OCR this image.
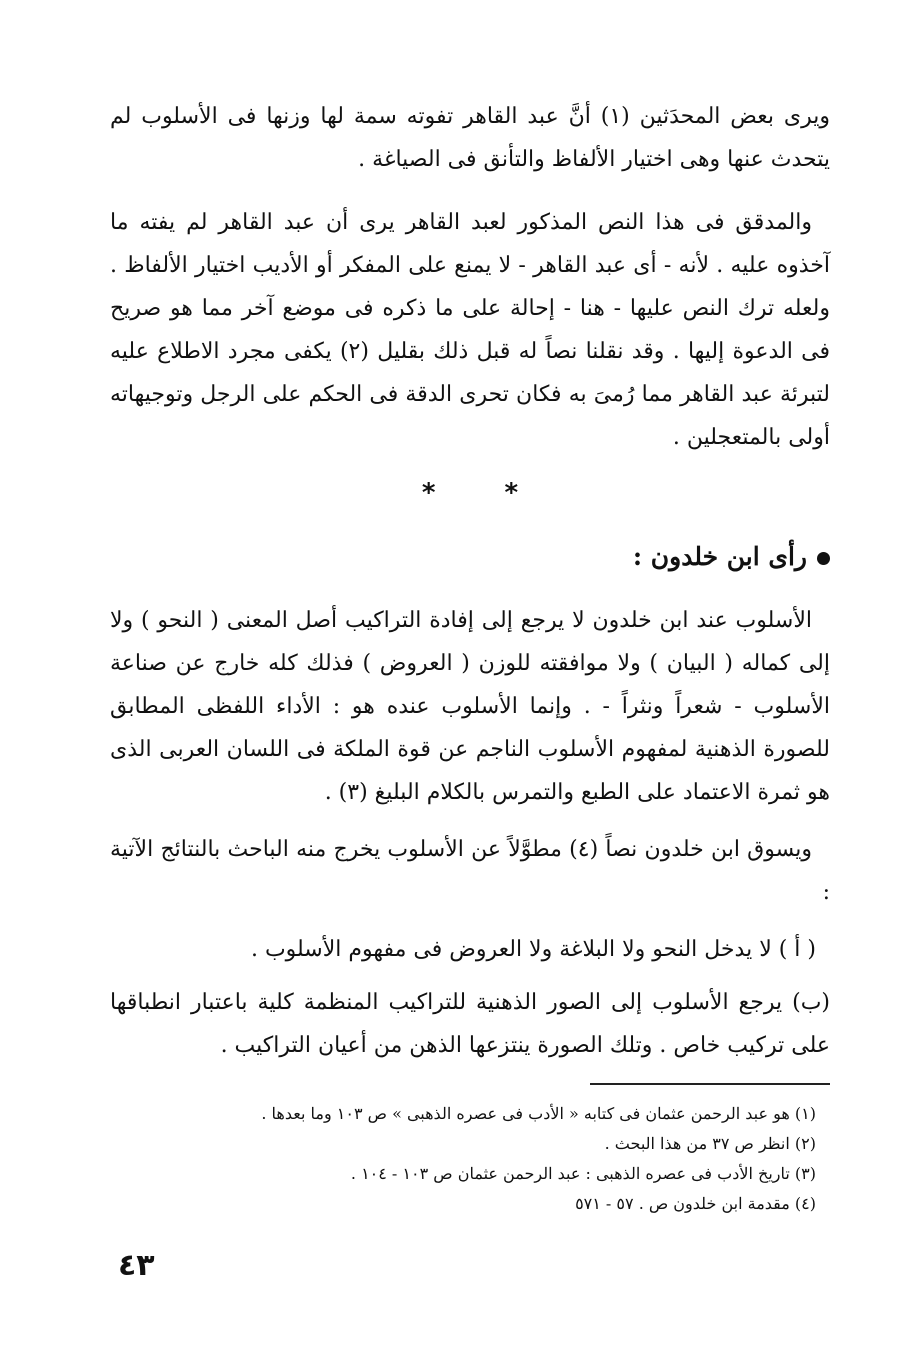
ويرى بعض المحدَثين (١) أنَّ عبد القاهر تفوته سمة لها وزنها فى الأسلوب لم يتحدث عنها وهى اختيار الألفاظ والتأنق فى الصياغة .

والمدقق فى هذا النص المذكور لعبد القاهر يرى أن عبد القاهر لم يفته ما آخذوه عليه . لأنه - أى عبد القاهر - لا يمنع على المفكر أو الأديب اختيار الألفاظ . ولعله ترك النص عليها - هنا - إحالة على ما ذكره فى موضع آخر مما هو صريح فى الدعوة إليها . وقد نقلنا نصاً له قبل ذلك بقليل (٢) يكفى مجرد الاطلاع عليه لتبرئة عبد القاهر مما رُمىَ به فكان تحرى الدقة فى الحكم على الرجل وتوجيهاته أولى بالمتعجلين .

*	*
رأى ابن خلدون :

الأسلوب عند ابن خلدون لا يرجع إلى إفادة التراكيب أصل المعنى ( النحو ) ولا إلى كماله ( البيان ) ولا موافقته للوزن ( العروض ) فذلك كله خارج عن صناعة الأسلوب - شعراً ونثراً - . وإنما الأسلوب عنده هو : الأداء اللفظى المطابق للصورة الذهنية لمفهوم الأسلوب الناجم عن قوة الملكة فى اللسان العربى الذى هو ثمرة الاعتماد على الطبع والتمرس بالكلام البليغ (٣) .

ويسوق ابن خلدون نصاً (٤) مطوَّلاً عن الأسلوب يخرج منه الباحث بالنتائج الآتية :

( أ ) لا يدخل النحو ولا البلاغة ولا العروض فى مفهوم الأسلوب .

(ب) يرجع الأسلوب إلى الصور الذهنية للتراكيب المنظمة كلية باعتبار انطباقها على تركيب خاص . وتلك الصورة ينتزعها الذهن من أعيان التراكيب .

(١) هو عبد الرحمن عثمان فى كتابه « الأدب فى عصره الذهبى » ص ١٠٣ وما بعدها .
(٢) انظر ص ٣٧ من هذا البحث .
(٣) تاريخ الأدب فى عصره الذهبى : عبد الرحمن عثمان ص ١٠٣ - ١٠٤ .
(٤) مقدمة ابن خلدون ص . ٥٧ - ٥٧١
٤٣
